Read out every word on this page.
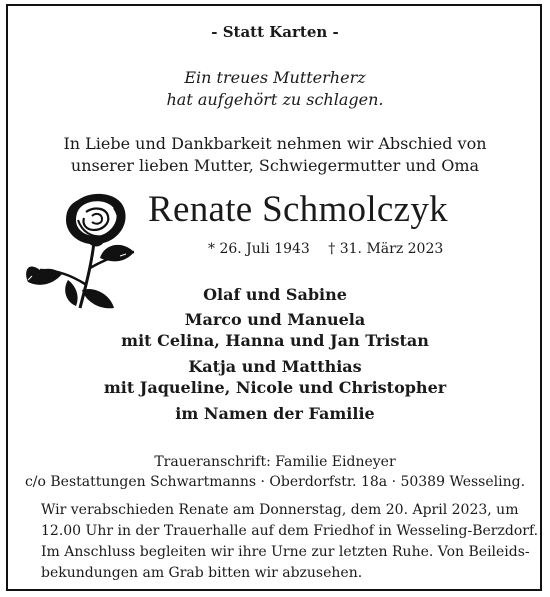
- Statt Karten -
Ein treues Mutterherz
hat aufgehört zu schlagen.
In Liebe und Dankbarkeit nehmen wir Abschied von
unserer lieben Mutter, Schwiegermutter und Oma
Renate Schmolczyk
* 26. Juli 1943 † 31. März 2023
Olaf und Sabine
Marco und Manuela
mit Celina, Hanna und Jan Tristan
Katja und Matthias
mit Jaqueline, Nicole und Christopher
im Namen der Familie
Traueranschrift: Familie Eidneyer
c/o Bestattungen Schwartmanns · Oberdorfstr. 18a · 50389 Wesseling.
Wir verabschieden Renate am Donnerstag, dem 20. April 2023, um
12.00 Uhr in der Trauerhalle auf dem Friedhof in Wesseling-Berzdorf.
Im Anschluss begleiten wir ihre Urne zur letzten Ruhe. Von Beileids-
bekundungen am Grab bitten wir abzusehen.
